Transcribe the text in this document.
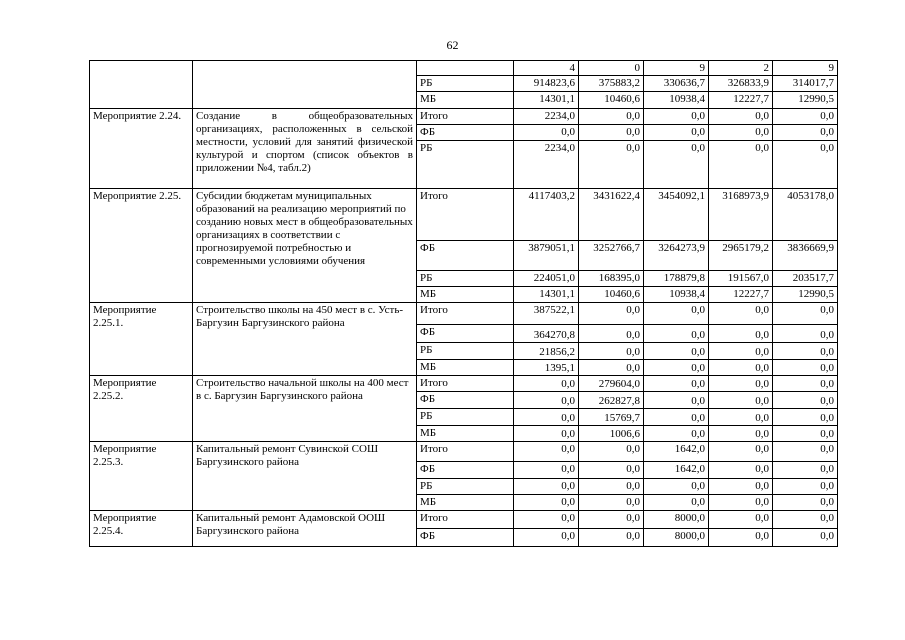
62
			4	0	9	2	9
		РБ	914823,6	375883,2	330636,7	326833,9	314017,7
		МБ	14301,1	10460,6	10938,4	12227,7	12990,5
Мероприятие 2.24.	Создание в общеобразовательных организациях, расположенных в сельской местности, условий для занятий физической культурой и спортом (список объектов в приложении №4, табл.2)	Итого	2234,0	0,0	0,0	0,0	0,0
		ФБ	0,0	0,0	0,0	0,0	0,0
		РБ	2234,0	0,0	0,0	0,0	0,0
Мероприятие 2.25.	Субсидии бюджетам муниципальных образований на реализацию мероприятий по созданию новых мест в общеобразовательных организациях в соответствии с прогнозируемой потребностью и современными условиями обучения	Итого	4117403,2	3431622,4	3454092,1	3168973,9	4053178,0
		ФБ	3879051,1	3252766,7	3264273,9	2965179,2	3836669,9
		РБ	224051,0	168395,0	178879,8	191567,0	203517,7
		МБ	14301,1	10460,6	10938,4	12227,7	12990,5
Мероприятие 2.25.1.	Строительство школы на 450 мест в с. Усть-Баргузин Баргузинского района	Итого	387522,1	0,0	0,0	0,0	0,0
		ФБ	364270,8	0,0	0,0	0,0	0,0
		РБ	21856,2	0,0	0,0	0,0	0,0
		МБ	1395,1	0,0	0,0	0,0	0,0
Мероприятие 2.25.2.	Строительство начальной школы на 400 мест в с. Баргузин Баргузинского района	Итого	0,0	279604,0	0,0	0,0	0,0
		ФБ	0,0	262827,8	0,0	0,0	0,0
		РБ	0,0	15769,7	0,0	0,0	0,0
		МБ	0,0	1006,6	0,0	0,0	0,0
Мероприятие 2.25.3.	Капитальный ремонт Сувинской СОШ Баргузинского района	Итого	0,0	0,0	1642,0	0,0	0,0
		ФБ	0,0	0,0	1642,0	0,0	0,0
		РБ	0,0	0,0	0,0	0,0	0,0
		МБ	0,0	0,0	0,0	0,0	0,0
Мероприятие 2.25.4.	Капитальный ремонт Адамовской ООШ Баргузинского района	Итого	0,0	0,0	8000,0	0,0	0,0
		ФБ	0,0	0,0	8000,0	0,0	0,0
